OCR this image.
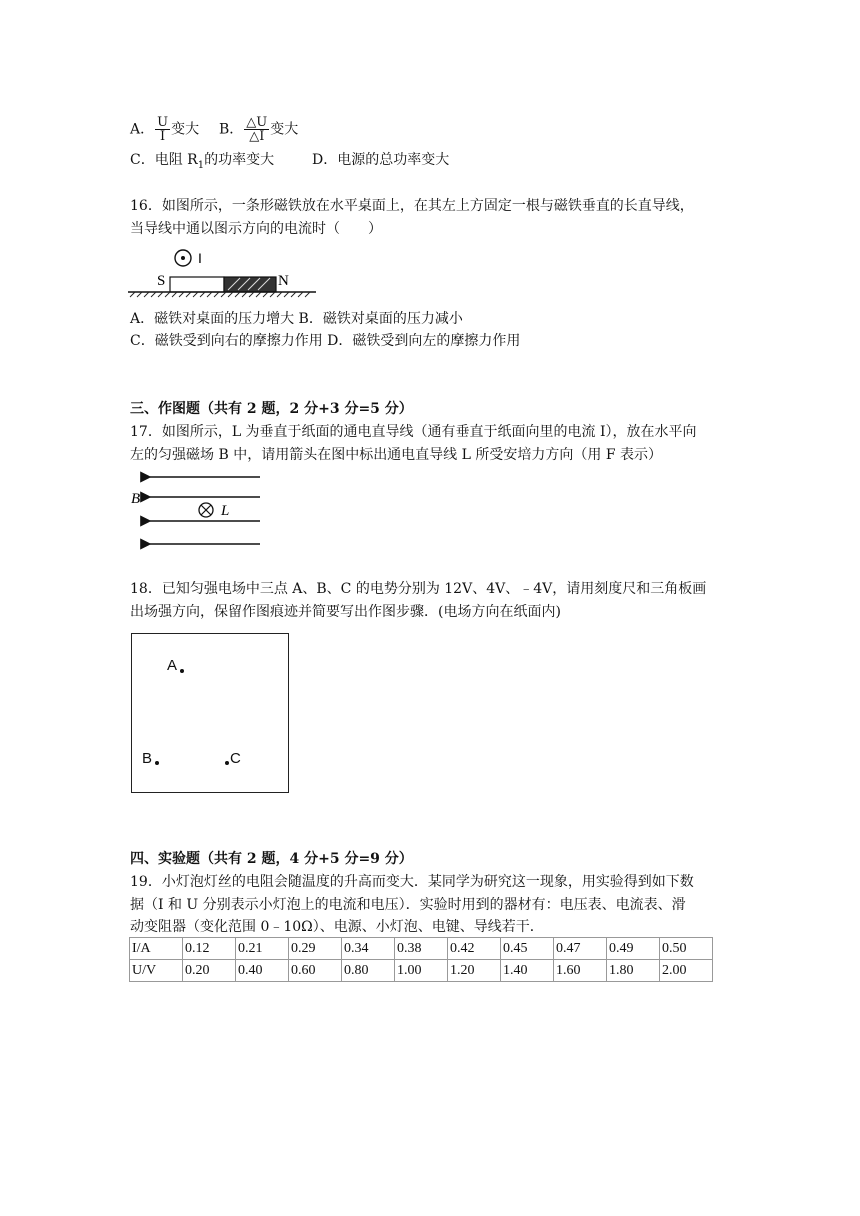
A． $\frac{U}{I}$ 变大 B． $\frac{\triangle U}{\triangle I}$ 变大
C．电阻 $R_1$的功率变大	D．电源的总功率变大
16．如图所示，一条形磁铁放在水平桌面上，在其左上方固定一根与磁铁垂直的长直导线，
当导线中通以图示方向的电流时（　　）
I
S	N
A．磁铁对桌面的压力增大 B．磁铁对桌面的压力减小
C．磁铁受到向右的摩擦力作用 D．磁铁受到向左的摩擦力作用
三、作图题（共有 2 题，2 分+3 分=5 分）
17．如图所示，L 为垂直于纸面的通电直导线（通有垂直于纸面向里的电流 I），放在水平向
左的匀强磁场 B 中，请用箭头在图中标出通电直导线 L 所受安培力方向（用 F 表示）
B
L
18．已知匀强电场中三点 A、B、C 的电势分别为 12V、4V、﹣4V，请用刻度尺和三角板画
出场强方向，保留作图痕迹并简要写出作图步骤．(电场方向在纸面内)
A
B	C
四、实验题（共有 2 题，4 分+5 分=9 分）
19．小灯泡灯丝的电阻会随温度的升高而变大．某同学为研究这一现象，用实验得到如下数
据（I 和 U 分别表示小灯泡上的电流和电压）．实验时用到的器材有：电压表、电流表、滑
动变阻器（变化范围 0﹣10Ω）、电源、小灯泡、电键、导线若干．
I/A	0.12	0.21	0.29	0.34	0.38	0.42	0.45	0.47	0.49	0.50
U/V	0.20	0.40	0.60	0.80	1.00	1.20	1.40	1.60	1.80	2.00
